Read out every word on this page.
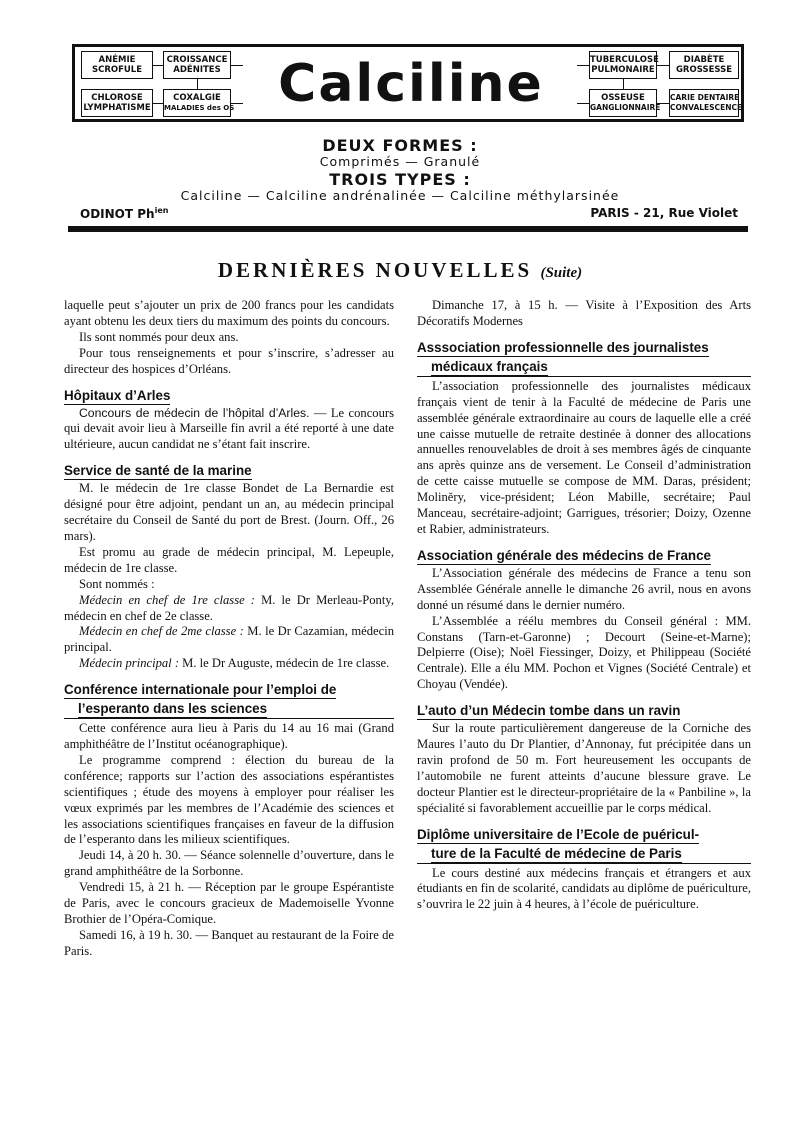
ANÉMIE
SCROFULE
CROISSANCE
ADÉNITES
CHLOROSE
LYMPHATISME
COXALGIE
MALADIES des OS Calciline	TUBERCULOSE
PULMONAIRE
DIABÈTE
GROSSESSE
OSSEUSE
GANGLIONNAIRE
CARIE DENTAIRE
CONVALESCENCE
DEUX FORMES :
Comprimés — Granulé
TROIS TYPES :
Calciline — Calciline andrénalinée — Calciline méthylarsinée
ODINOT $Ph^{ien}$	PARIS - 21, Rue Violet
DERNIÈRES NOUVELLES (Suite)

laquelle peut s’ajouter un prix de 200 francs pour les candidats ayant obtenu les deux tiers du maximum des points du concours.

Ils sont nommés pour deux ans.

Pour tous renseignements et pour s’inscrire, s’adresser au directeur des hospices d’Orléans.

Hôpitaux d’Arles

Concours de médecin de l’hôpital d’Arles. — Le concours qui devait avoir lieu à Marseille fin avril a été reporté à une date ultérieure, aucun candidat ne s’étant fait inscrire.

Service de santé de la marine

M. le médecin de 1re classe Bondet de La Bernardie est désigné pour être adjoint, pendant un an, au médecin principal secrétaire du Conseil de Santé du port de Brest. (Journ. Off., 26 mars).

Est promu au grade de médecin principal, M. Lepeuple, médecin de 1re classe.

Sont nommés :

Médecin en chef de 1re classe : M. le Dr Merleau-Ponty, médecin en chef de 2e classe.

Médecin en chef de 2me classe : M. le Dr Cazamian, médecin principal.

Médecin principal : M. le Dr Auguste, médecin de 1re classe.

Conférence internationale pour l’emploi de
l’esperanto dans les sciences

Cette conférence aura lieu à Paris du 14 au 16 mai (Grand amphithéâtre de l’Institut océanographique).

Le programme comprend : élection du bureau de la conférence; rapports sur l’action des associations espérantistes scientifiques ; étude des moyens à employer pour réaliser les vœux exprimés par les membres de l’Académie des sciences et les associations scientifiques françaises en faveur de la diffusion de l’esperanto dans les milieux scientifiques.

Jeudi 14, à 20 h. 30. — Séance solennelle d’ouverture, dans le grand amphithéâtre de la Sorbonne.

Vendredi 15, à 21 h. — Réception par le groupe Espérantiste de Paris, avec le concours gracieux de Mademoiselle Yvonne Brothier de l’Opéra-Comique.

Samedi 16, à 19 h. 30. — Banquet au restaurant de la Foire de Paris.

Dimanche 17, à 15 h. — Visite à l’Exposition des Arts Décoratifs Modernes

Asssociation professionnelle des journalistes
médicaux français

L’association professionnelle des journalistes médicaux français vient de tenir à la Faculté de médecine de Paris une assemblée générale extraordinaire au cours de laquelle elle a créé une caisse mutuelle de retraite destinée à donner des allocations annuelles renouvelables de droit à ses membres âgés de cinquante ans après quinze ans de versement. Le Conseil d’administration de cette caisse mutuelle se compose de MM. Daras, président; Moliněry, vice-président; Léon Mabille, secrétaire; Paul Manceau, secrétaire-adjoint; Garrigues, trésorier; Doizy, Ozenne et Rabier, administrateurs.

Association générale des médecins de France

L’Association générale des médecins de France a tenu son Assemblée Générale annelle le dimanche 26 avril, nous en avons donné un résumé dans le dernier numéro.

L’Assemblée a réélu membres du Conseil général : MM. Constans (Tarn-et-Garonne) ; Decourt (Seine-et-Marne); Delpierre (Oise); Noël Fiessinger, Doizy, et Philippeau (Société Centrale). Elle a élu MM. Pochon et Vignes (Société Centrale) et Choyau (Vendée).

L’auto d’un Médecin tombe dans un ravin

Sur la route particulièrement dangereuse de la Corniche des Maures l’auto du Dr Plantier, d’Annonay, fut précipitée dans un ravin profond de 50 m. Fort heureusement les occupants de l’automobile ne furent atteints d’aucune blessure grave. Le docteur Plantier est le directeur-propriétaire de la « Panbiline », la spécialité si favorablement accueillie par le corps médical.

Diplôme universitaire de l’Ecole de puéricul-
ture de la Faculté de médecine de Paris

Le cours destiné aux médecins français et étrangers et aux étudiants en fin de scolarité, candidats au diplôme de puériculture, s’ouvrira le 22 juin à 4 heures, à l’école de puériculture.
